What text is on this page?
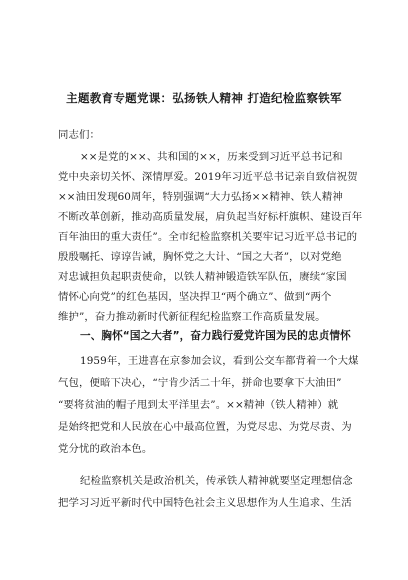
主题教育专题党课：弘扬铁人精神 打造纪检监察铁军
同志们：
××是党的××、共和国的××，历来受到习近平总书记和
党中央亲切关怀、深情厚爱。2019年习近平总书记亲自致信祝贺
××油田发现60周年，特别强调“大力弘扬××精神、铁人精神
不断改革创新，推动高质量发展，肩负起当好标杆旗帜、建设百年
百年油田的重大责任”。全市纪检监察机关要牢记习近平总书记的
殷殷嘱托、谆谆告诫，胸怀党之大计、“国之大者”，以对党绝
对忠诚担负起职责使命，以铁人精神锻造铁军队伍，赓续“家国
情怀心向党”的红色基因，坚决捍卫“两个确立”、做到“两个
维护”，奋力推动新时代新征程纪检监察工作高质量发展。
一、胸怀“国之大者”，奋力践行爱党许国为民的忠贞情怀
1959年，王进喜在京参加会议，看到公交车都背着一个大煤
气包，便暗下决心，“宁肯少活二十年，拼命也要拿下大油田”
“要将贫油的帽子甩到太平洋里去”。××精神（铁人精神）就
是始终把党和人民放在心中最高位置，为党尽忠、为党尽责、为
党分忧的政治本色。
纪检监察机关是政治机关，传承铁人精神就要坚定理想信念
把学习习近平新时代中国特色社会主义思想作为人生追求、生活
